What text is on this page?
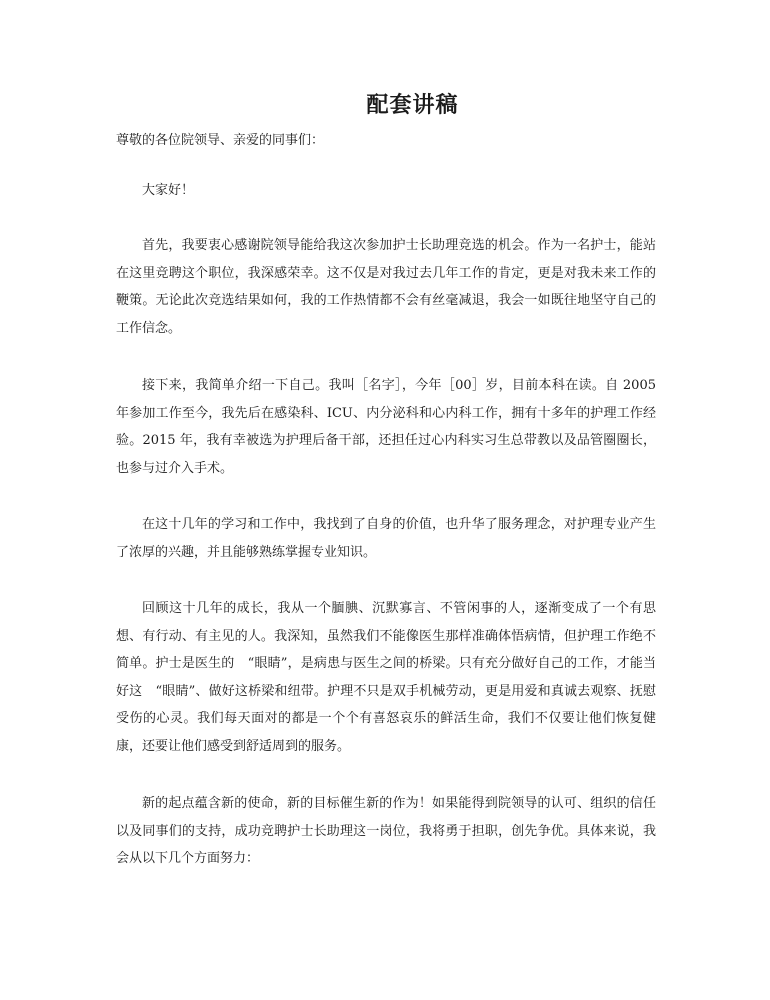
配套讲稿

尊敬的各位院领导、亲爱的同事们：

大家好！

首先，我要衷心感谢院领导能给我这次参加护士长助理竞选的机会。作为一名护士，能站在这里竞聘这个职位，我深感荣幸。这不仅是对我过去几年工作的肯定，更是对我未来工作的鞭策。无论此次竞选结果如何，我的工作热情都不会有丝毫减退，我会一如既往地坚守自己的工作信念。

接下来，我简单介绍一下自己。我叫［名字］，今年［00］岁，目前本科在读。自 2005 年参加工作至今，我先后在感染科、ICU、内分泌科和心内科工作，拥有十多年的护理工作经验。2015 年，我有幸被选为护理后备干部，还担任过心内科实习生总带教以及品管圈圈长，也参与过介入手术。

在这十几年的学习和工作中，我找到了自身的价值，也升华了服务理念，对护理专业产生了浓厚的兴趣，并且能够熟练掌握专业知识。

回顾这十几年的成长，我从一个腼腆、沉默寡言、不管闲事的人，逐渐变成了一个有思想、有行动、有主见的人。我深知，虽然我们不能像医生那样准确体悟病情，但护理工作绝不简单。护士是医生的　“眼睛”，是病患与医生之间的桥梁。只有充分做好自己的工作，才能当好这　“眼睛”、做好这桥梁和纽带。护理不只是双手机械劳动，更是用爱和真诚去观察、抚慰受伤的心灵。我们每天面对的都是一个个有喜怒哀乐的鲜活生命，我们不仅要让他们恢复健康，还要让他们感受到舒适周到的服务。

新的起点蕴含新的使命，新的目标催生新的作为！如果能得到院领导的认可、组织的信任以及同事们的支持，成功竞聘护士长助理这一岗位，我将勇于担职，创先争优。具体来说，我会从以下几个方面努力：
